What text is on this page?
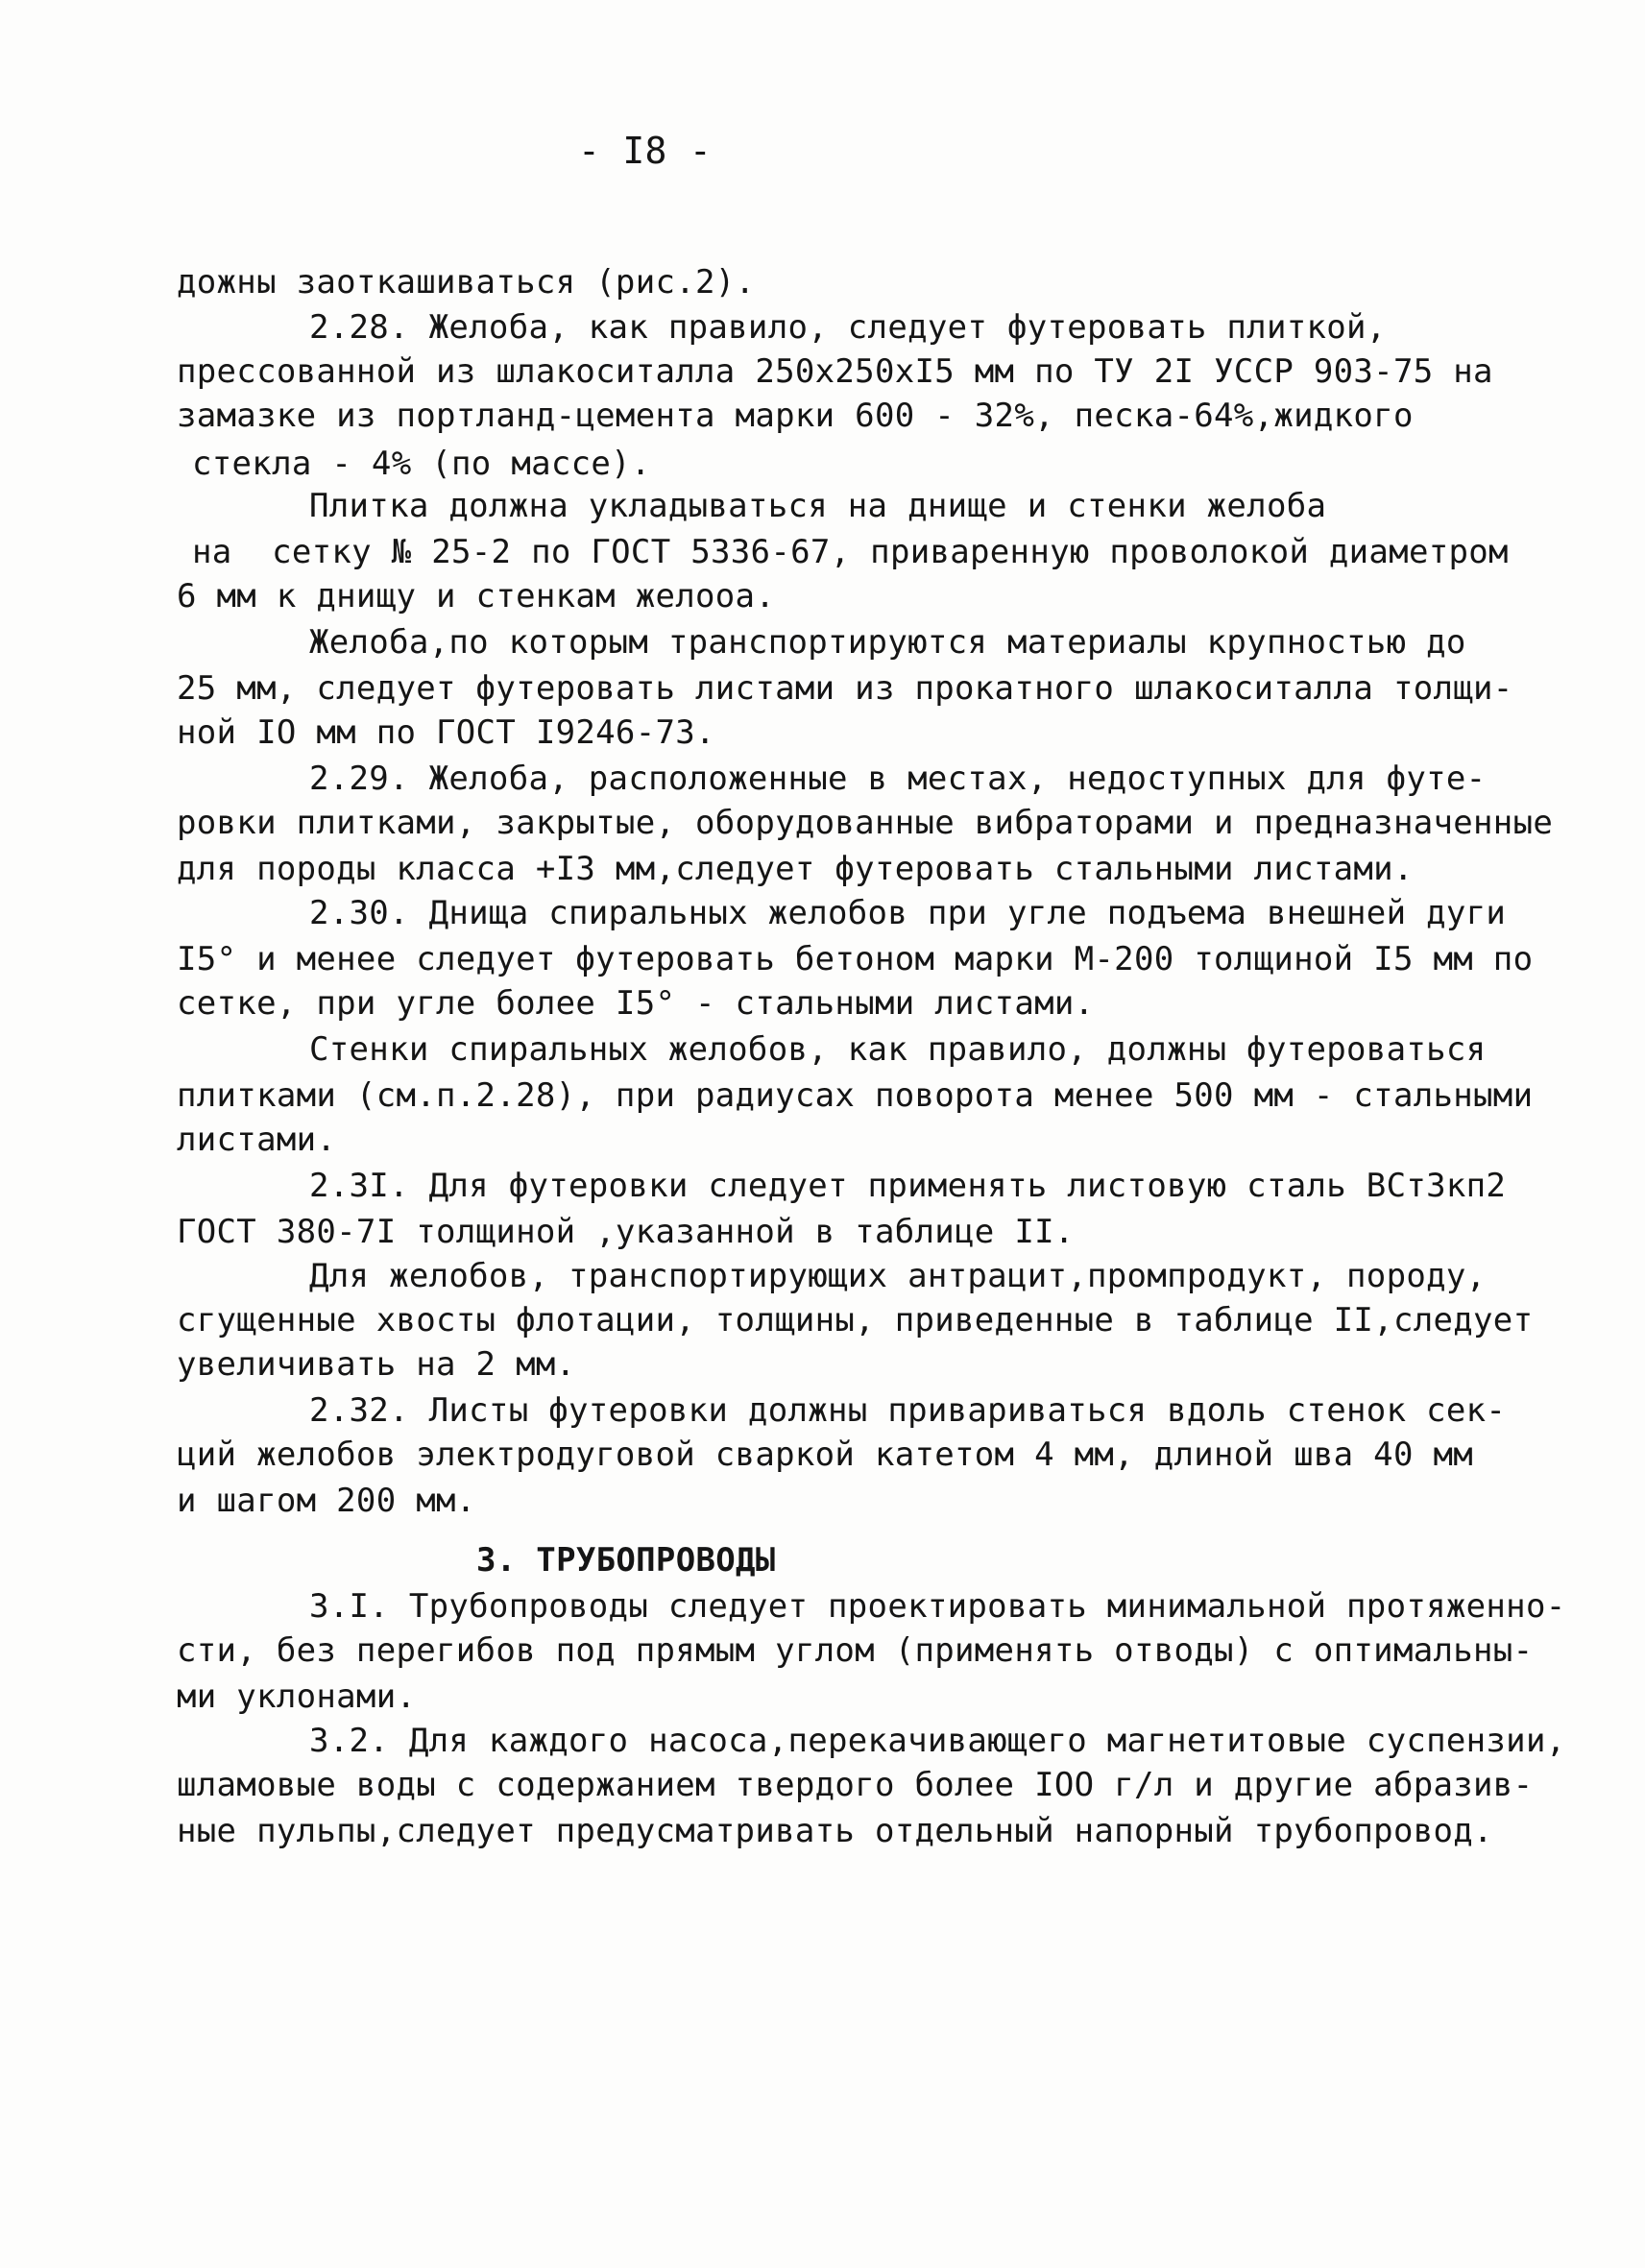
- I8 -
дожны заоткашиваться (рис.2).
2.28. Желоба, как правило, следует футеровать плиткой,
прессованной из шлакоситалла 250x250xI5 мм по ТУ 2I УССР 903-75 на
замазке из портланд-цемента марки 600 - 32%, песка-64%,жидкого
стекла - 4% (по массе).
Плитка должна укладываться на днище и стенки желоба
на  сетку № 25-2 по ГОСТ 5336-67, приваренную проволокой диаметром
6 мм к днищу и стенкам желооа.
Желоба,по которым транспортируются материалы крупностью до
25 мм, следует футеровать листами из прокатного шлакоситалла толщи-
ной IO мм по ГОСТ I9246-73.
2.29. Желоба, расположенные в местах, недоступных для футе-
ровки плитками, закрытые, оборудованные вибраторами и предназначенные
для породы класса +I3 мм,следует футеровать стальными листами.
2.30. Днища спиральных желобов при угле подъема внешней дуги
I5° и менее следует футеровать бетоном марки М-200 толщиной I5 мм по
сетке, при угле более I5° - стальными листами.
Стенки спиральных желобов, как правило, должны футероваться
плитками (см.п.2.28), при радиусах поворота менее 500 мм - стальными
листами.
2.3I. Для футеровки следует применять листовую сталь ВСт3кп2
ГОСТ 380-7I толщиной ,указанной в таблице II.
Для желобов, транспортирующих антрацит,промпродукт, породу,
сгущенные хвосты флотации, толщины, приведенные в таблице II,следует
увеличивать на 2 мм.
2.32. Листы футеровки должны привариваться вдоль стенок сек-
ций желобов электродуговой сваркой катетом 4 мм, длиной шва 40 мм
и шагом 200 мм.
3. ТРУБОПРОВОДЫ
3.I. Трубопроводы следует проектировать минимальной протяженно-
сти, без перегибов под прямым углом (применять отводы) с оптимальны-
ми уклонами.
3.2. Для каждого насоса,перекачивающего магнетитовые суспензии,
шламовые воды с содержанием твердого более IOO г/л и другие абразив-
ные пульпы,следует предусматривать отдельный напорный трубопровод.
